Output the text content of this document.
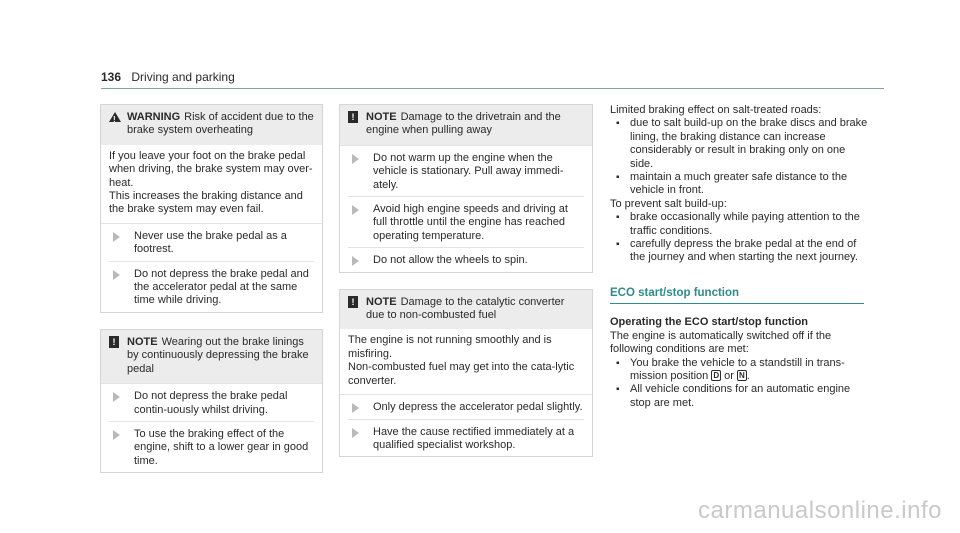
136 Driving and parking
!
WARNING Risk of accident due to the brake system overheating

If you leave your foot on the brake pedal when driving, the brake system may over-heat.

This increases the braking distance and the brake system may even fail.

Never use the brake pedal as a footrest.
Do not depress the brake pedal and the accelerator pedal at the same time while driving.
!	NOTE Wearing out the brake linings by continuously depressing the brake pedal
Do not depress the brake pedal contin-uously whilst driving.
To use the braking effect of the engine, shift to a lower gear in good time.
!	NOTE Damage to the drivetrain and the engine when pulling away
Do not warm up the engine when the vehicle is stationary. Pull away immedi-ately.
Avoid high engine speeds and driving at full throttle until the engine has reached operating temperature.
Do not allow the wheels to spin.
!	NOTE Damage to the catalytic converter due to non-combusted fuel

The engine is not running smoothly and is misfiring.

Non-combusted fuel may get into the cata-lytic converter.

Only depress the accelerator pedal slightly.
Have the cause rectified immediately at a qualified specialist workshop.

Limited braking effect on salt-treated roads:

▪ due to salt build-up on the brake discs and brake lining, the braking distance can increase considerably or result in braking only on one side.
▪ maintain a much greater safe distance to the vehicle in front.

To prevent salt build-up:

▪ brake occasionally while paying attention to the traffic conditions.
▪ carefully depress the brake pedal at the end of the journey and when starting the next journey.
ECO start/stop function
Operating the ECO start/stop function

The engine is automatically switched off if the following conditions are met:

▪ You brake the vehicle to a standstill in trans-mission position D or N .
▪ All vehicle conditions for an automatic engine stop are met.
carmanualsonline.info
